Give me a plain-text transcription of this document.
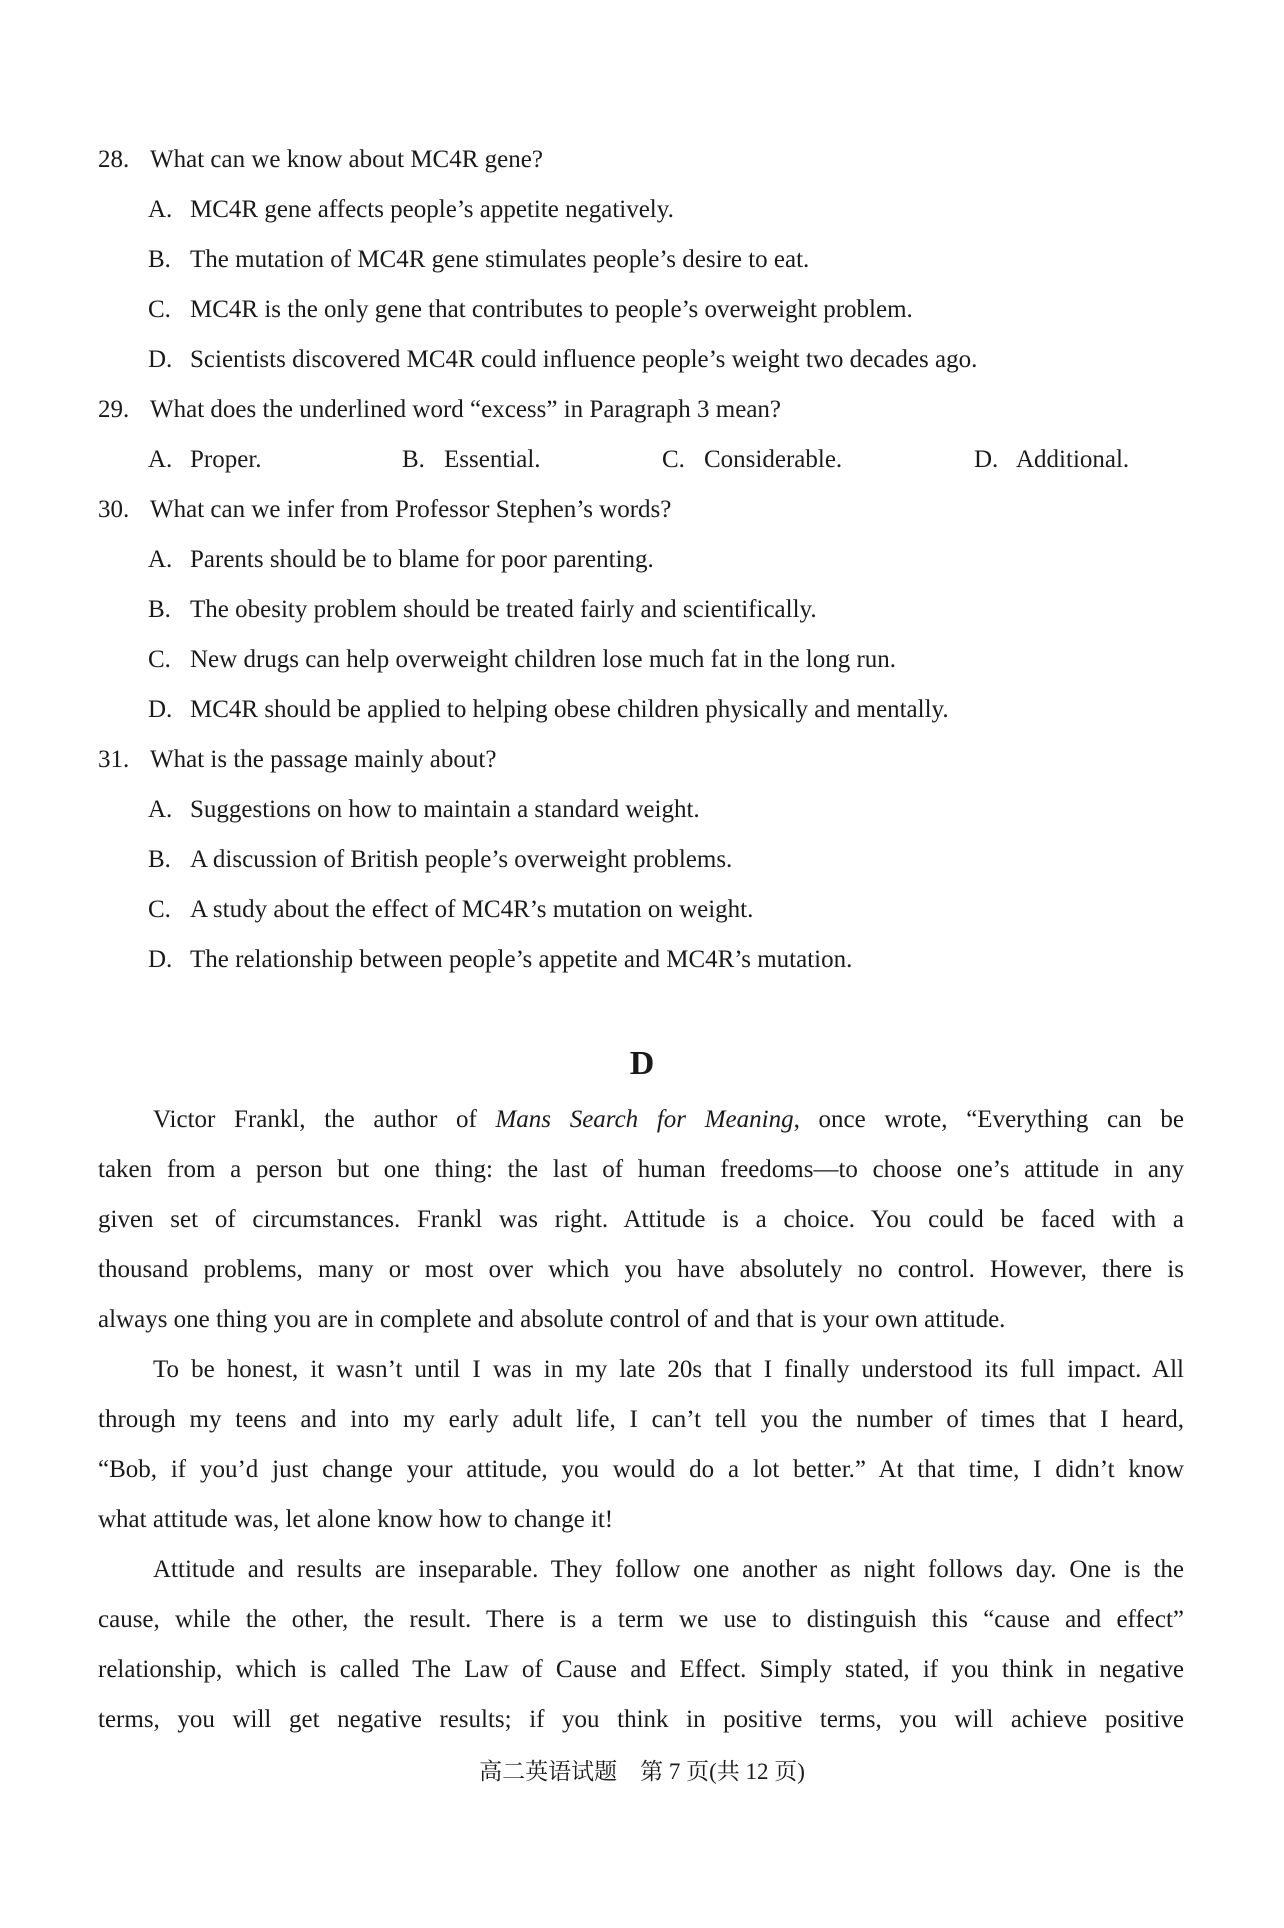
28. What can we know about MC4R gene?
A. MC4R gene affects people’s appetite negatively.
B. The mutation of MC4R gene stimulates people’s desire to eat.
C. MC4R is the only gene that contributes to people’s overweight problem.
D. Scientists discovered MC4R could influence people’s weight two decades ago.
29. What does the underlined word “excess” in Paragraph 3 mean?
A. Proper.	B. Essential.	C. Considerable.	D. Additional.
30. What can we infer from Professor Stephen’s words?
A. Parents should be to blame for poor parenting.
B. The obesity problem should be treated fairly and scientifically.
C. New drugs can help overweight children lose much fat in the long run.
D. MC4R should be applied to helping obese children physically and mentally.
31. What is the passage mainly about?
A. Suggestions on how to maintain a standard weight.
B. A discussion of British people’s overweight problems.
C. A study about the effect of MC4R’s mutation on weight.
D. The relationship between people’s appetite and MC4R’s mutation.
D
Victor Frankl, the author of Mans Search for Meaning, once wrote, “Everything can be
taken from a person but one thing: the last of human freedoms—to choose one’s attitude in any
given set of circumstances. Frankl was right. Attitude is a choice. You could be faced with a
thousand problems, many or most over which you have absolutely no control. However, there is
always one thing you are in complete and absolute control of and that is your own attitude.
To be honest, it wasn’t until I was in my late 20s that I finally understood its full impact. All
through my teens and into my early adult life, I can’t tell you the number of times that I heard,
“Bob, if you’d just change your attitude, you would do a lot better.” At that time, I didn’t know
what attitude was, let alone know how to change it!
Attitude and results are inseparable. They follow one another as night follows day. One is the
cause, while the other, the result. There is a term we use to distinguish this “cause and effect”
relationship, which is called The Law of Cause and Effect. Simply stated, if you think in negative
terms, you will get negative results; if you think in positive terms, you will achieve positive
高二英语试题　第 7 页(共 12 页)
